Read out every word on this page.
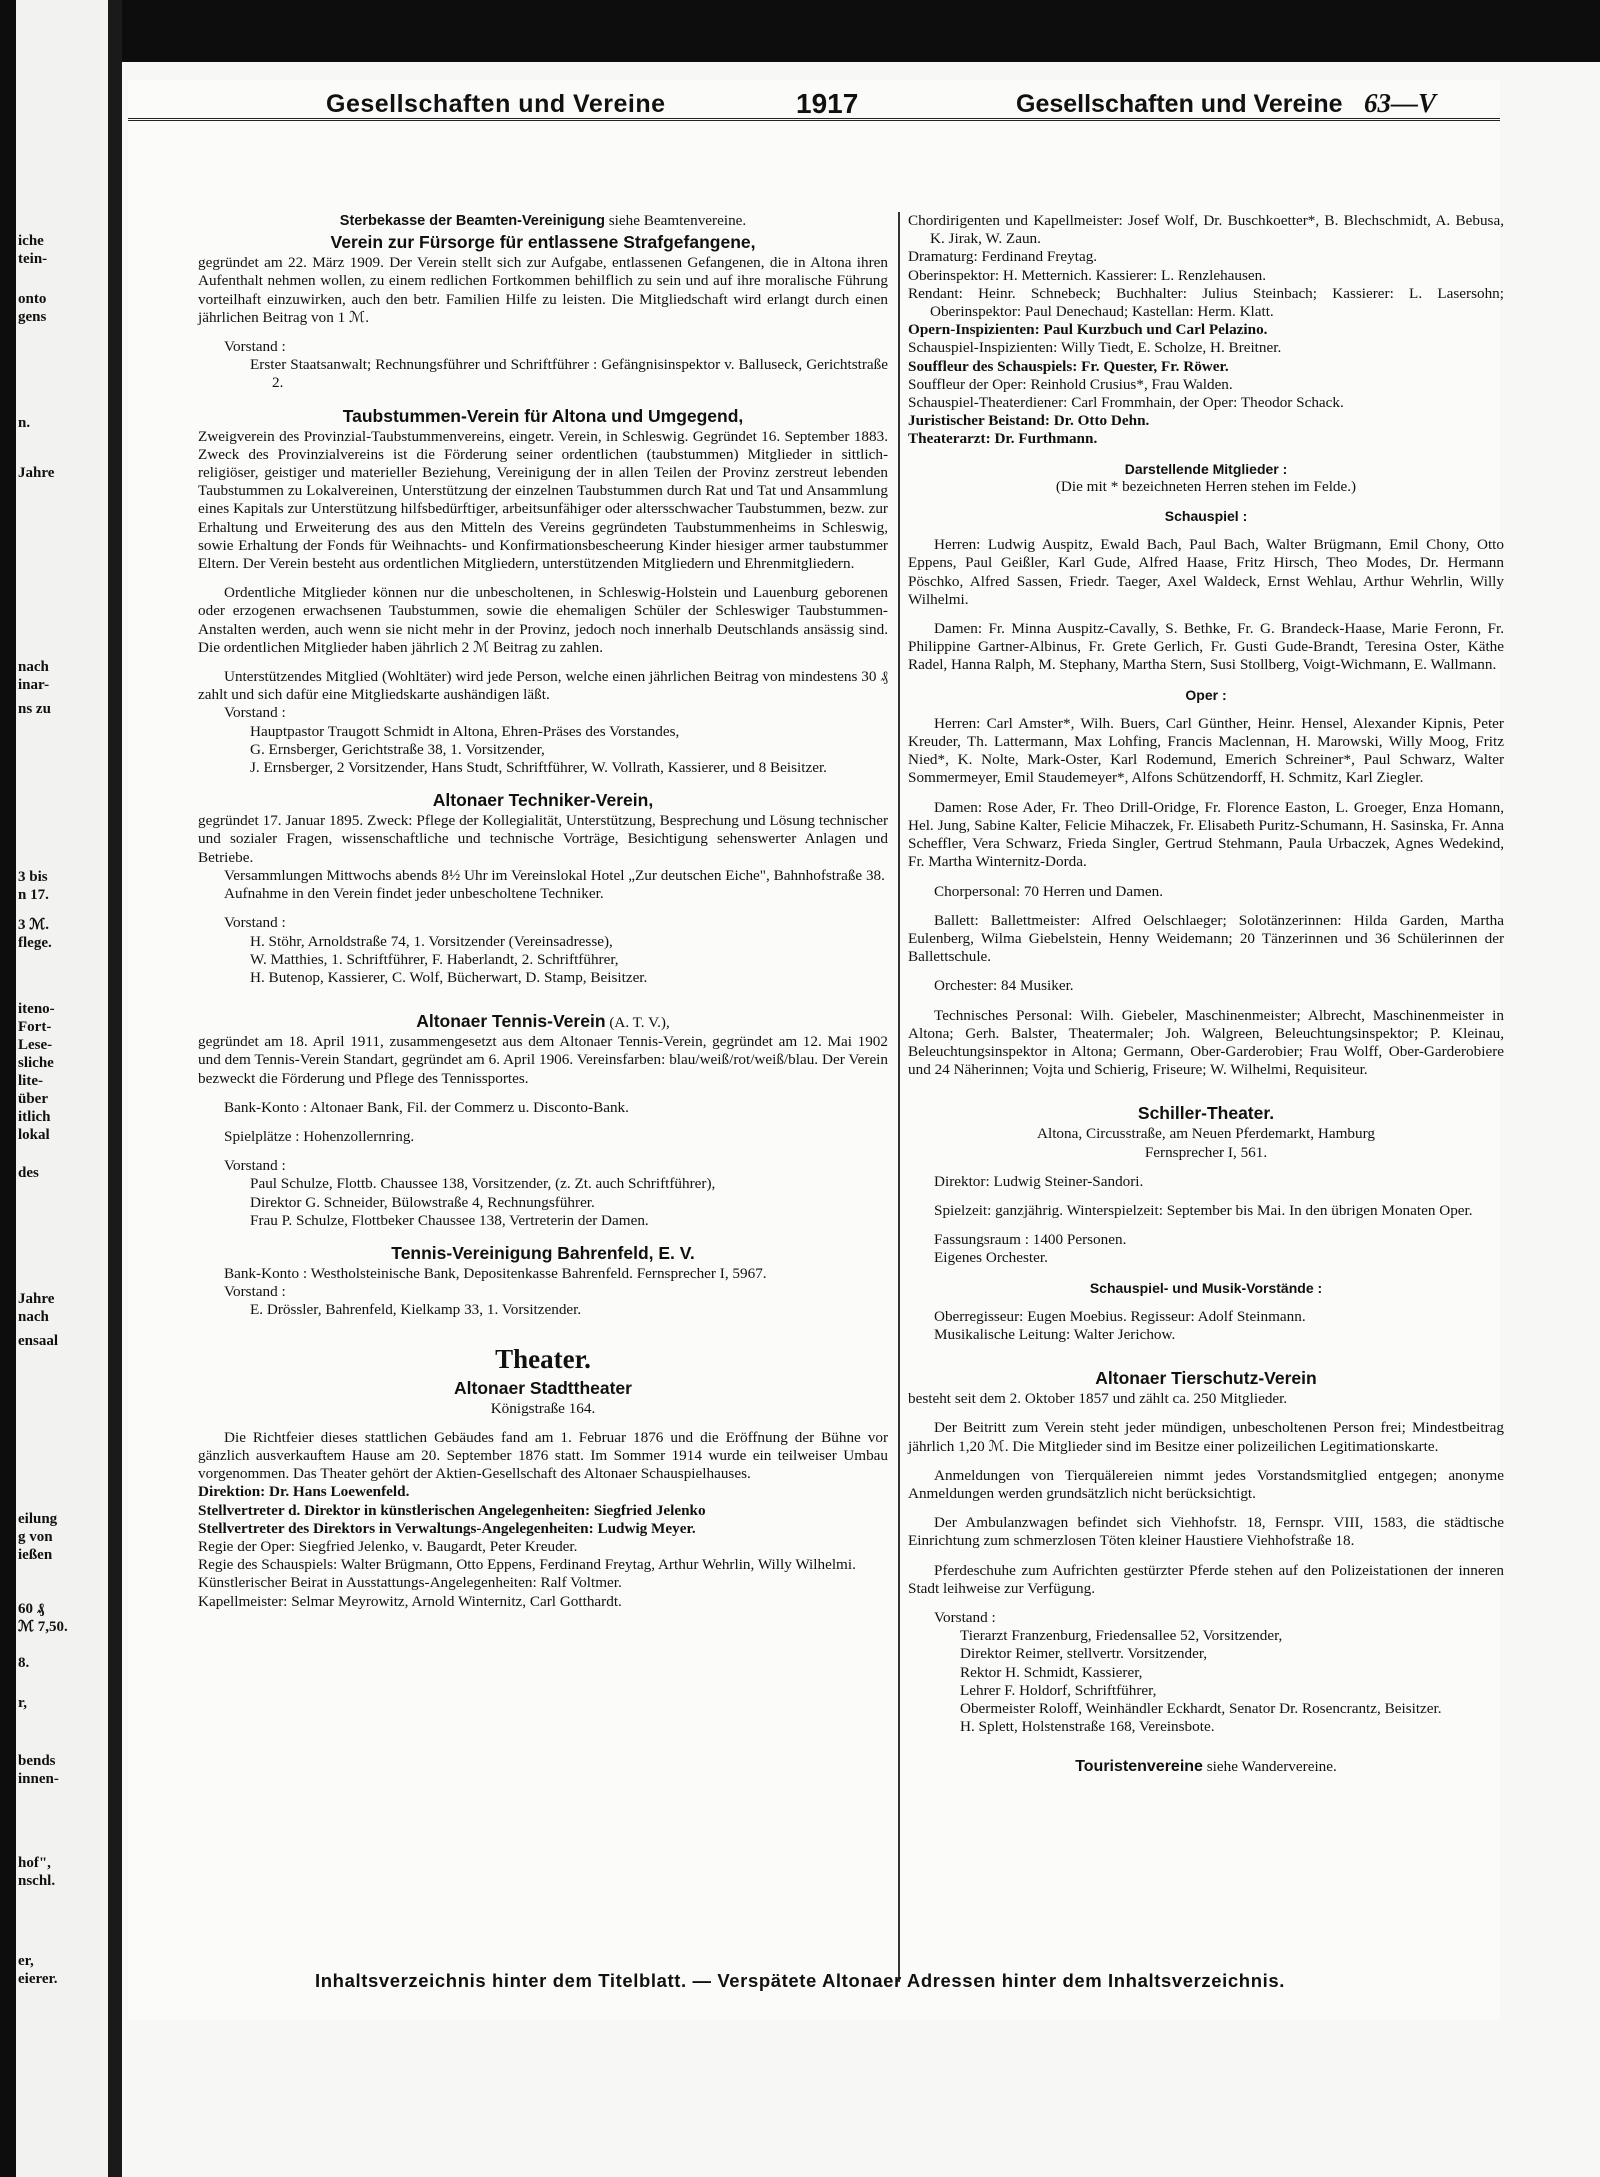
iche
tein-
onto
gens
n.
Jahre
nach
inar-
ns zu
3 bis
n 17.
3 ℳ.
flege.
iteno-
Fort-
Lese-
sliche
lite-
über
itlich
lokal
des
Jahre
nach
ensaal
eilung
g von
ießen
60 ₰
ℳ 7,50.
8.
r,
bends
innen-
hof",
nschl.
er,
eierer.
Gesellschaften und Vereine	1917	Gesellschaften und Vereine 63—V

Sterbekasse der Beamten-Vereinigung siehe Beamtenvereine.

Verein zur Fürsorge für entlassene Strafgefangene,

gegründet am 22. März 1909. Der Verein stellt sich zur Aufgabe, entlassenen Gefangenen, die in Altona ihren Aufenthalt nehmen wollen, zu einem redlichen Fortkommen behilflich zu sein und auf ihre moralische Führung vorteilhaft einzuwirken, auch den betr. Familien Hilfe zu leisten. Die Mitgliedschaft wird erlangt durch einen jährlichen Beitrag von 1 ℳ.

Vorstand :

Erster Staatsanwalt; Rechnungsführer und Schriftführer : Gefängnisinspektor v. Balluseck, Gerichtstraße 2.

Taubstummen-Verein für Altona und Umgegend,

Zweigverein des Provinzial-Taubstummenvereins, eingetr. Verein, in Schleswig. Gegründet 16. September 1883. Zweck des Provinzialvereins ist die Förderung seiner ordentlichen (taubstummen) Mitglieder in sittlich-religiöser, geistiger und materieller Beziehung, Vereinigung der in allen Teilen der Provinz zerstreut lebenden Taubstummen zu Lokalvereinen, Unterstützung der einzelnen Taubstummen durch Rat und Tat und Ansammlung eines Kapitals zur Unterstützung hilfsbedürftiger, arbeitsunfähiger oder altersschwacher Taubstummen, bezw. zur Erhaltung und Erweiterung des aus den Mitteln des Vereins gegründeten Taubstummenheims in Schleswig, sowie Erhaltung der Fonds für Weihnachts- und Konfirmationsbescheerung Kinder hiesiger armer taubstummer Eltern. Der Verein besteht aus ordentlichen Mitgliedern, unterstützenden Mitgliedern und Ehrenmitgliedern.

Ordentliche Mitglieder können nur die unbescholtenen, in Schleswig-Holstein und Lauenburg geborenen oder erzogenen erwachsenen Taubstummen, sowie die ehemaligen Schüler der Schleswiger Taubstummen-Anstalten werden, auch wenn sie nicht mehr in der Provinz, jedoch noch innerhalb Deutschlands ansässig sind. Die ordentlichen Mitglieder haben jährlich 2 ℳ Beitrag zu zahlen.

Unterstützendes Mitglied (Wohltäter) wird jede Person, welche einen jährlichen Beitrag von mindestens 30 ₰ zahlt und sich dafür eine Mitgliedskarte aushändigen läßt.

Vorstand :

Hauptpastor Traugott Schmidt in Altona, Ehren-Präses des Vorstandes,

G. Ernsberger, Gerichtstraße 38, 1. Vorsitzender,

J. Ernsberger, 2 Vorsitzender, Hans Studt, Schriftführer, W. Vollrath, Kassierer, und 8 Beisitzer.

Altonaer Techniker-Verein,

gegründet 17. Januar 1895. Zweck: Pflege der Kollegialität, Unterstützung, Besprechung und Lösung technischer und sozialer Fragen, wissenschaftliche und technische Vorträge, Besichtigung sehenswerter Anlagen und Betriebe.

Versammlungen Mittwochs abends 8½ Uhr im Vereinslokal Hotel „Zur deutschen Eiche", Bahnhofstraße 38.

Aufnahme in den Verein findet jeder unbescholtene Techniker.

Vorstand :

H. Stöhr, Arnoldstraße 74, 1. Vorsitzender (Vereinsadresse),

W. Matthies, 1. Schriftführer, F. Haberlandt, 2. Schriftführer,

H. Butenop, Kassierer, C. Wolf, Bücherwart, D. Stamp, Beisitzer.

Altonaer Tennis-Verein (A. T. V.),

gegründet am 18. April 1911, zusammengesetzt aus dem Altonaer Tennis-Verein, gegründet am 12. Mai 1902 und dem Tennis-Verein Standart, gegründet am 6. April 1906. Vereinsfarben: blau/weiß/rot/weiß/blau. Der Verein bezweckt die Förderung und Pflege des Tennissportes.

Bank-Konto : Altonaer Bank, Fil. der Commerz u. Disconto-Bank.

Spielplätze : Hohenzollernring.

Vorstand :

Paul Schulze, Flottb. Chaussee 138, Vorsitzender, (z. Zt. auch Schriftführer),

Direktor G. Schneider, Bülowstraße 4, Rechnungsführer.

Frau P. Schulze, Flottbeker Chaussee 138, Vertreterin der Damen.

Tennis-Vereinigung Bahrenfeld, E. V.

Bank-Konto : Westholsteinische Bank, Depositenkasse Bahrenfeld. Fernsprecher I, 5967.

Vorstand :

E. Drössler, Bahrenfeld, Kielkamp 33, 1. Vorsitzender.

Theater.

Altonaer Stadttheater

Königstraße 164.

Die Richtfeier dieses stattlichen Gebäudes fand am 1. Februar 1876 und die Eröffnung der Bühne vor gänzlich ausverkauftem Hause am 20. September 1876 statt. Im Sommer 1914 wurde ein teilweiser Umbau vorgenommen. Das Theater gehört der Aktien-Gesellschaft des Altonaer Schauspielhauses.

Direktion: Dr. Hans Loewenfeld.

Stellvertreter d. Direktor in künstlerischen Angelegenheiten: Siegfried Jelenko

Stellvertreter des Direktors in Verwaltungs-Angelegenheiten: Ludwig Meyer.

Regie der Oper: Siegfried Jelenko, v. Baugardt, Peter Kreuder.

Regie des Schauspiels: Walter Brügmann, Otto Eppens, Ferdinand Freytag, Arthur Wehrlin, Willy Wilhelmi.

Künstlerischer Beirat in Ausstattungs-Angelegenheiten: Ralf Voltmer.

Kapellmeister: Selmar Meyrowitz, Arnold Winternitz, Carl Gotthardt.

Chordirigenten und Kapellmeister: Josef Wolf, Dr. Buschkoetter*, B. Blechschmidt, A. Bebusa, K. Jirak, W. Zaun.

Dramaturg: Ferdinand Freytag.

Oberinspektor: H. Metternich. Kassierer: L. Renzlehausen.

Rendant: Heinr. Schnebeck; Buchhalter: Julius Steinbach; Kassierer: L. Lasersohn; Oberinspektor: Paul Denechaud; Kastellan: Herm. Klatt.

Opern-Inspizienten: Paul Kurzbuch und Carl Pelazino.

Schauspiel-Inspizienten: Willy Tiedt, E. Scholze, H. Breitner.

Souffleur des Schauspiels: Fr. Quester, Fr. Röwer.

Souffleur der Oper: Reinhold Crusius*, Frau Walden.

Schauspiel-Theaterdiener: Carl Frommhain, der Oper: Theodor Schack.

Juristischer Beistand: Dr. Otto Dehn.

Theaterarzt: Dr. Furthmann.

Darstellende Mitglieder :

(Die mit * bezeichneten Herren stehen im Felde.)

Schauspiel :

Herren: Ludwig Auspitz, Ewald Bach, Paul Bach, Walter Brügmann, Emil Chony, Otto Eppens, Paul Geißler, Karl Gude, Alfred Haase, Fritz Hirsch, Theo Modes, Dr. Hermann Pöschko, Alfred Sassen, Friedr. Taeger, Axel Waldeck, Ernst Wehlau, Arthur Wehrlin, Willy Wilhelmi.

Damen: Fr. Minna Auspitz-Cavally, S. Bethke, Fr. G. Brandeck-Haase, Marie Feronn, Fr. Philippine Gartner-Albinus, Fr. Grete Gerlich, Fr. Gusti Gude-Brandt, Teresina Oster, Käthe Radel, Hanna Ralph, M. Stephany, Martha Stern, Susi Stollberg, Voigt-Wichmann, E. Wallmann.

Oper :

Herren: Carl Amster*, Wilh. Buers, Carl Günther, Heinr. Hensel, Alexander Kipnis, Peter Kreuder, Th. Lattermann, Max Lohfing, Francis Maclennan, H. Marowski, Willy Moog, Fritz Nied*, K. Nolte, Mark-Oster, Karl Rodemund, Emerich Schreiner*, Paul Schwarz, Walter Sommermeyer, Emil Staudemeyer*, Alfons Schützendorff, H. Schmitz, Karl Ziegler.

Damen: Rose Ader, Fr. Theo Drill-Oridge, Fr. Florence Easton, L. Groeger, Enza Homann, Hel. Jung, Sabine Kalter, Felicie Mihaczek, Fr. Elisabeth Puritz-Schumann, H. Sasinska, Fr. Anna Scheffler, Vera Schwarz, Frieda Singler, Gertrud Stehmann, Paula Urbaczek, Agnes Wedekind, Fr. Martha Winternitz-Dorda.

Chorpersonal: 70 Herren und Damen.

Ballett: Ballettmeister: Alfred Oelschlaeger; Solotänzerinnen: Hilda Garden, Martha Eulenberg, Wilma Giebelstein, Henny Weidemann; 20 Tänzerinnen und 36 Schülerinnen der Ballettschule.

Orchester: 84 Musiker.

Technisches Personal: Wilh. Giebeler, Maschinenmeister; Albrecht, Maschinenmeister in Altona; Gerh. Balster, Theatermaler; Joh. Walgreen, Beleuchtungsinspektor; P. Kleinau, Beleuchtungsinspektor in Altona; Germann, Ober-Garderobier; Frau Wolff, Ober-Garderobiere und 24 Näherinnen; Vojta und Schierig, Friseure; W. Wilhelmi, Requisiteur.

Schiller-Theater.

Altona, Circusstraße, am Neuen Pferdemarkt, Hamburg

Fernsprecher I, 561.

Direktor: Ludwig Steiner-Sandori.

Spielzeit: ganzjährig. Winterspielzeit: September bis Mai. In den übrigen Monaten Oper.

Fassungsraum : 1400 Personen.

Eigenes Orchester.

Schauspiel- und Musik-Vorstände :

Oberregisseur: Eugen Moebius. Regisseur: Adolf Steinmann.

Musikalische Leitung: Walter Jerichow.

Altonaer Tierschutz-Verein

besteht seit dem 2. Oktober 1857 und zählt ca. 250 Mitglieder.

Der Beitritt zum Verein steht jeder mündigen, unbescholtenen Person frei; Mindestbeitrag jährlich 1,20 ℳ. Die Mitglieder sind im Besitze einer polizeilichen Legitimationskarte.

Anmeldungen von Tierquälereien nimmt jedes Vorstandsmitglied entgegen; anonyme Anmeldungen werden grundsätzlich nicht berücksichtigt.

Der Ambulanzwagen befindet sich Viehhofstr. 18, Fernspr. VIII, 1583, die städtische Einrichtung zum schmerzlosen Töten kleiner Haustiere Viehhofstraße 18.

Pferdeschuhe zum Aufrichten gestürzter Pferde stehen auf den Polizeistationen der inneren Stadt leihweise zur Verfügung.

Vorstand :

Tierarzt Franzenburg, Friedensallee 52, Vorsitzender,

Direktor Reimer, stellvertr. Vorsitzender,

Rektor H. Schmidt, Kassierer,

Lehrer F. Holdorf, Schriftführer,

Obermeister Roloff, Weinhändler Eckhardt, Senator Dr. Rosencrantz, Beisitzer.

H. Splett, Holstenstraße 168, Vereinsbote.

Touristenvereine siehe Wandervereine.

Inhaltsverzeichnis hinter dem Titelblatt. — Verspätete Altonaer Adressen hinter dem Inhaltsverzeichnis.
